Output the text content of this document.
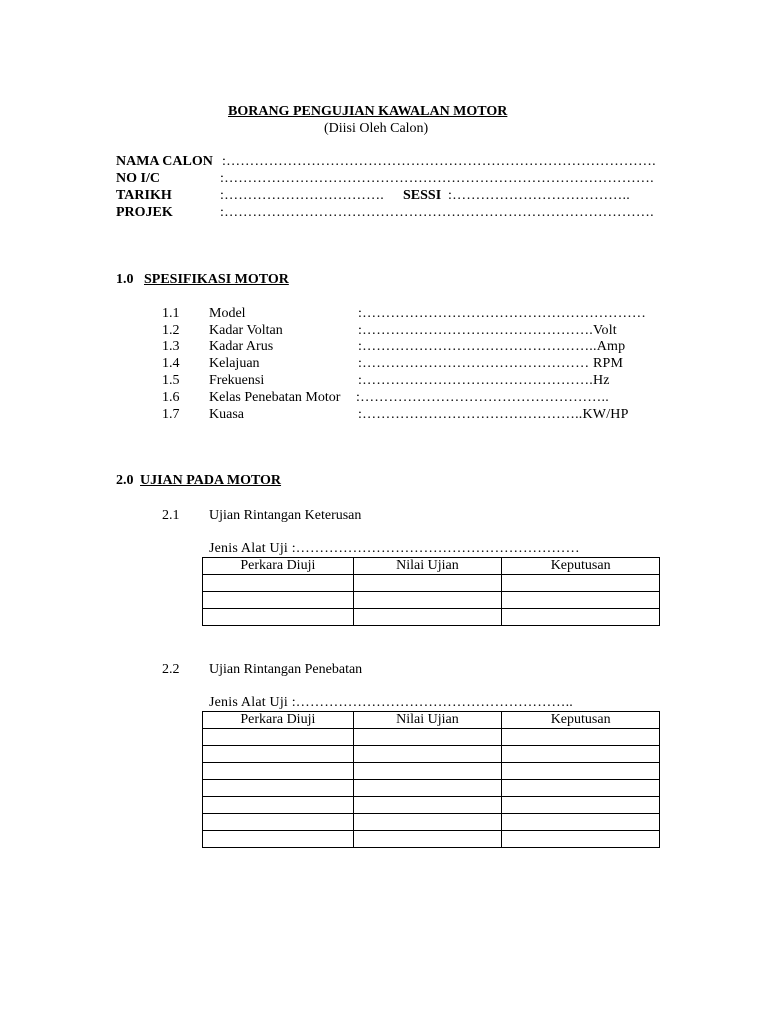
BORANG PENGUJIAN KAWALAN MOTOR
(Diisi Oleh Calon)
NAMA CALON :……………………………………………………………………………….
NO I/C	:……………………………………………………………………………….
TARIKH	:……………………………. SESSI :………………………………..
PROJEK	:……………………………………………………………………………….
1.0 SPESIFIKASI MOTOR
1.1 Model	:……………………………………………………
1.2 Kadar Voltan	:………………………………………….Volt
1.3 Kadar Arus	:…………………………………………..Amp
1.4 Kelajuan	:………………………………………… RPM
1.5 Frekuensi	:………………………………………….Hz
1.6 Kelas Penebatan Motor :……………………………………………..
1.7 Kuasa	:………………………………………..KW/HP
2.0 UJIAN PADA MOTOR
2.1 Ujian Rintangan Keterusan
Jenis Alat Uji :……………………………………………………
Perkara Diuji	Nilai Ujian	Keputusan

2.2 Ujian Rintangan Penebatan
Jenis Alat Uji :…………………………………………………..
Perkara Diuji	Nilai Ujian	Keputusan
